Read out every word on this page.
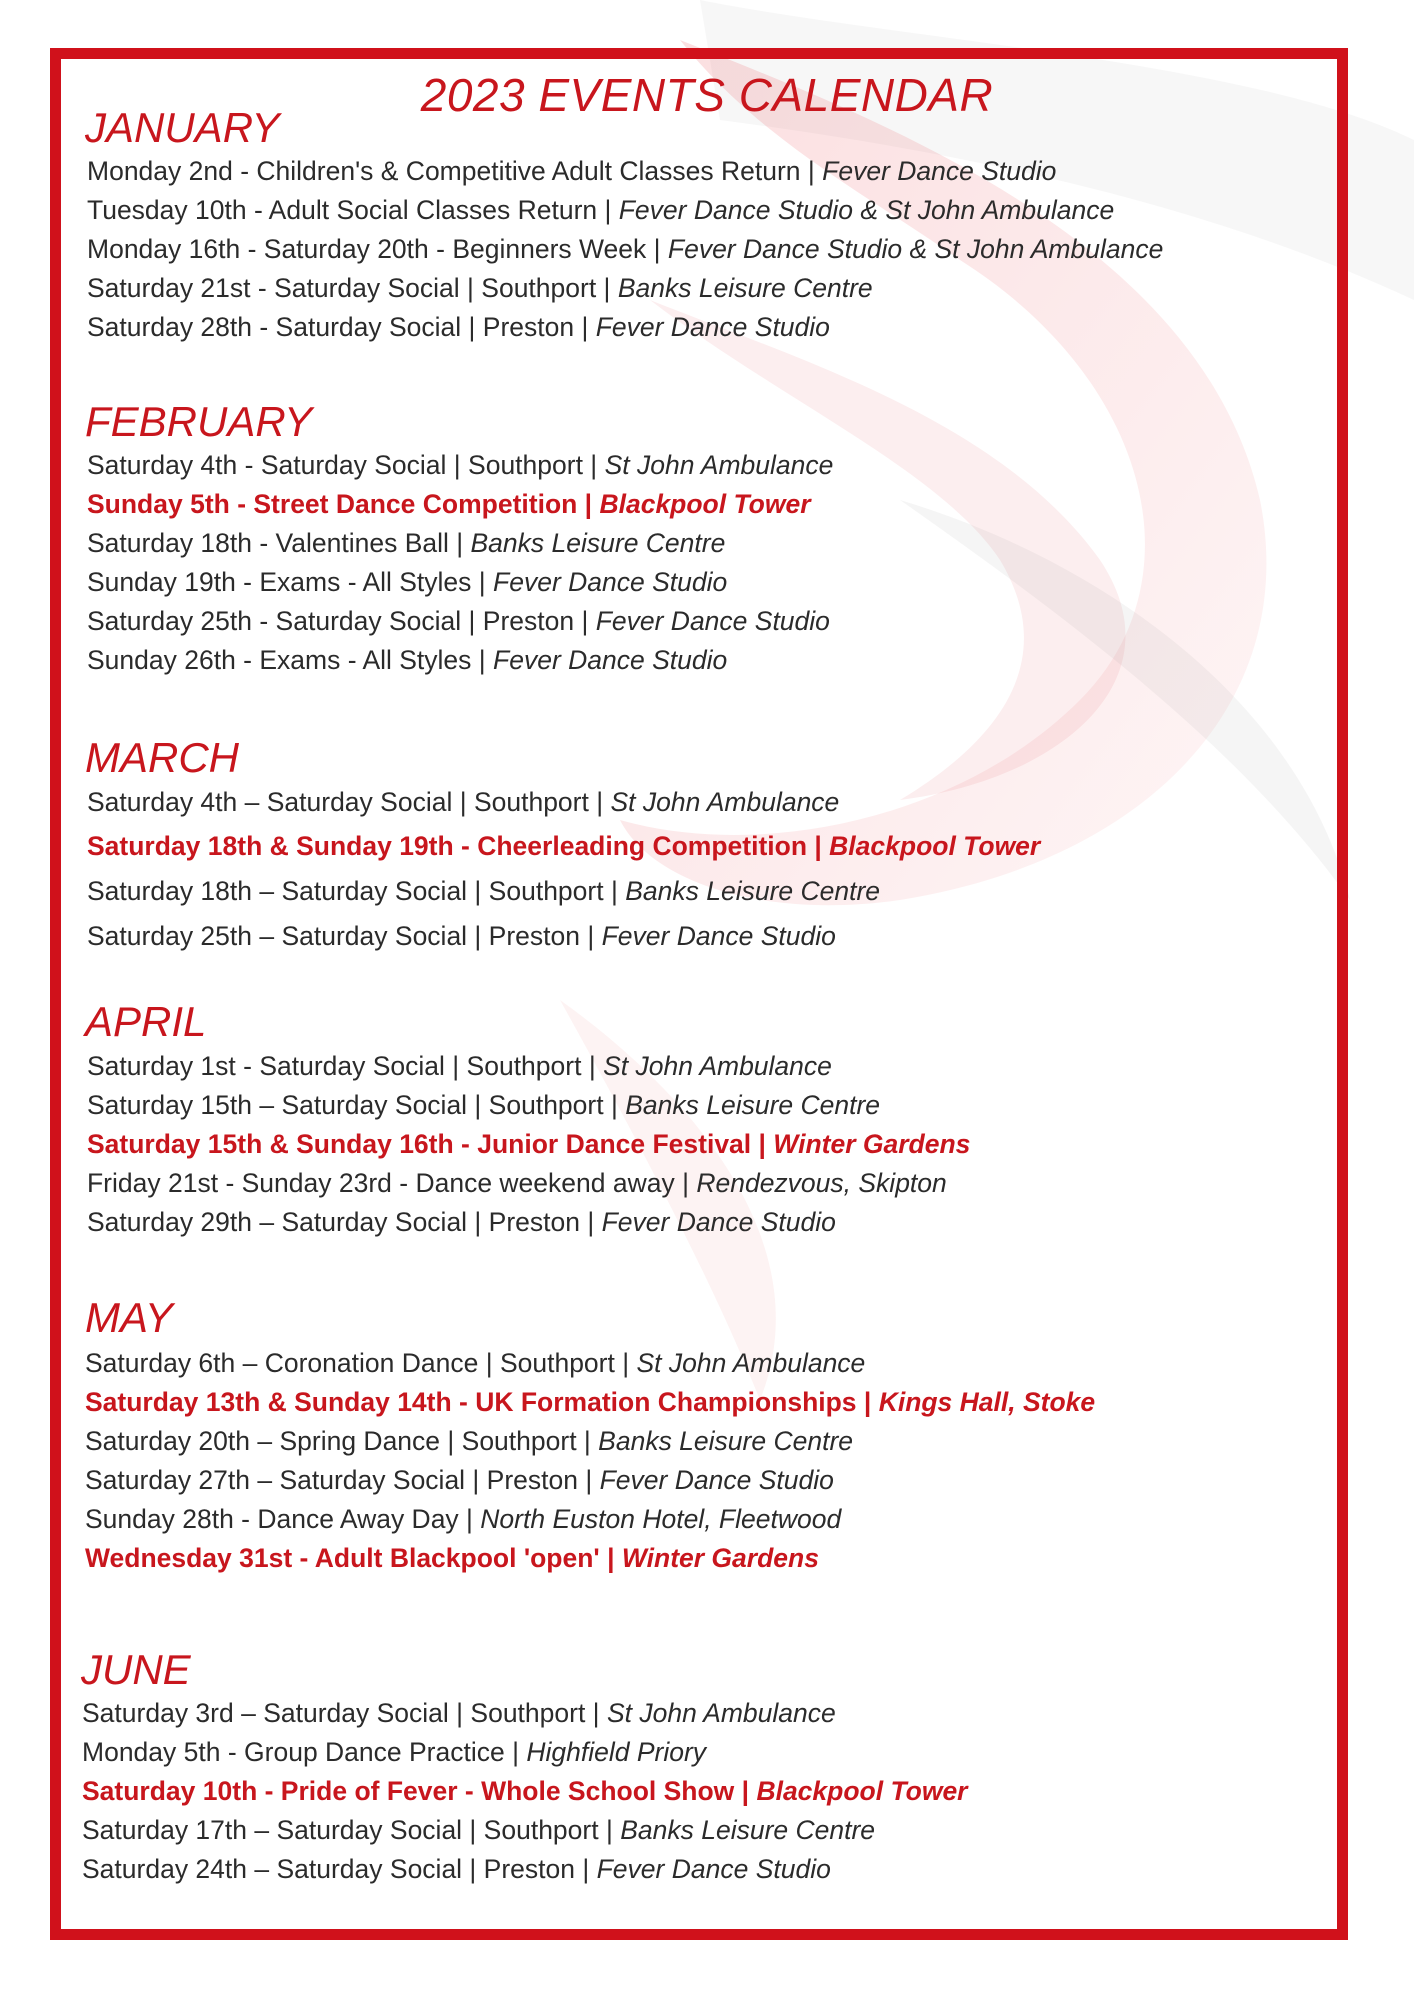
2023 EVENTS CALENDAR
JANUARY
Monday 2nd - Children's & Competitive Adult Classes Return | Fever Dance Studio
Tuesday 10th - Adult Social Classes Return | Fever Dance Studio & St John Ambulance
Monday 16th - Saturday 20th - Beginners Week | Fever Dance Studio & St John Ambulance
Saturday 21st - Saturday Social | Southport | Banks Leisure Centre
Saturday 28th - Saturday Social | Preston | Fever Dance Studio
FEBRUARY
Saturday 4th - Saturday Social | Southport | St John Ambulance
Sunday 5th - Street Dance Competition | Blackpool Tower
Saturday 18th - Valentines Ball | Banks Leisure Centre
Sunday 19th - Exams - All Styles | Fever Dance Studio
Saturday 25th - Saturday Social | Preston | Fever Dance Studio
Sunday 26th - Exams - All Styles | Fever Dance Studio
MARCH
Saturday 4th – Saturday Social | Southport | St John Ambulance
Saturday 18th & Sunday 19th - Cheerleading Competition | Blackpool Tower
Saturday 18th – Saturday Social | Southport | Banks Leisure Centre
Saturday 25th – Saturday Social | Preston | Fever Dance Studio
APRIL
Saturday 1st - Saturday Social | Southport | St John Ambulance
Saturday 15th – Saturday Social | Southport | Banks Leisure Centre
Saturday 15th & Sunday 16th - Junior Dance Festival | Winter Gardens
Friday 21st - Sunday 23rd - Dance weekend away | Rendezvous, Skipton
Saturday 29th – Saturday Social | Preston | Fever Dance Studio
MAY
Saturday 6th – Coronation Dance | Southport | St John Ambulance
Saturday 13th & Sunday 14th - UK Formation Championships | Kings Hall, Stoke
Saturday 20th – Spring Dance | Southport | Banks Leisure Centre
Saturday 27th – Saturday Social | Preston | Fever Dance Studio
Sunday 28th - Dance Away Day | North Euston Hotel, Fleetwood
Wednesday 31st - Adult Blackpool 'open' | Winter Gardens
JUNE
Saturday 3rd – Saturday Social | Southport | St John Ambulance
Monday 5th - Group Dance Practice | Highfield Priory
Saturday 10th - Pride of Fever - Whole School Show | Blackpool Tower
Saturday 17th – Saturday Social | Southport | Banks Leisure Centre
Saturday 24th – Saturday Social | Preston | Fever Dance Studio
